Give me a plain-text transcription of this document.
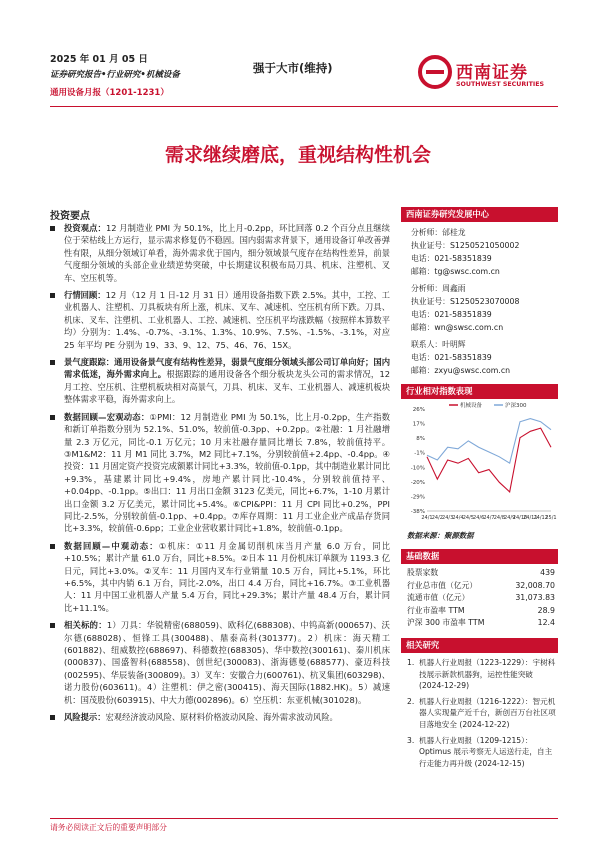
2025 年 01 月 05 日
证券研究报告•行业研究•机械设备
通用设备月报（1201-1231）
强于大市(维持)	西南证券
SOUTHWEST SECURITIES
需求继续磨底，重视结构性机会
投资要点
投资观点：12 月制造业 PMI 为 50.1%，比上月-0.2pp，环比回落 0.2 个百分点且继续位于荣枯线上方运行，显示需求修复仍不稳固。国内弱需求背景下，通用设备订单改善弹性有限，从细分领域订单看，海外需求优于国内，细分领域景气度存在结构性差异，前景气度细分领域的头部企业业绩逆势突破，中长期建议积极布局刀具、机床、注塑机、叉车、空压机等。
行情回顾：12 月（12 月 1 日-12 月 31 日）通用设备指数下跌 2.5%。其中，工控、工业机器人、注塑机、刀具板块有所上涨，机床、叉车、减速机、空压机有所下跌。刀具、机床、叉车、注塑机、工业机器人、工控、减速机、空压机平均涨跌幅（按照样本算数平均）分别为：1.4%、-0.7%、-3.1%、1.3%、10.9%、7.5%、-1.5%、-3.1%，对应 25 年平均 PE 分别为 19、33、9、12、75、46、76、15X。
景气度跟踪：通用设备景气度有结构性差异，弱景气度细分领域头部公司订单向好；国内需求低迷，海外需求向上。根据跟踪的通用设备各个细分板块龙头公司的需求情况，12 月工控、空压机、注塑机板块相对高景气，刀具、机床、叉车、工业机器人、减速机板块整体需求平稳，海外需求向上。
数据回顾—宏观动态：①PMI：12 月制造业 PMI 为 50.1%，比上月-0.2pp，生产指数和新订单指数分别为 52.1%、51.0%，较前值-0.3pp、+0.2pp。②社融：1 月社融增量 2.3 万亿元，同比-0.1 万亿元；10 月末社融存量同比增长 7.8%，较前值持平。③M1&M2：11 月 M1 同比 3.7%，M2 同比+7.1%，分别较前值+2.4pp、-0.4pp。④投资：11 月固定资产投资完成额累计同比+3.3%，较前值-0.1pp，其中制造业累计同比+9.3%，基建累计同比+9.4%，房地产累计同比-10.4%，分别较前值持平、+0.04pp、-0.1pp。⑤出口：11 月出口金额 3123 亿美元，同比+6.7%，1-10 月累计出口金额 3.2 万亿美元，累计同比+5.4%。⑥CPI&PPI：11 月 CPI 同比+0.2%，PPI 同比-2.5%，分别较前值-0.1pp、+0.4pp。⑦库存周期：11 月工业企业产成品存货同比+3.3%，较前值-0.6pp；工业企业营收累计同比+1.8%，较前值-0.1pp。
数据回顾—中观动态：①机床：①11 月金属切削机床当月产量 6.0 万台，同比+10.5%；累计产量 61.0 万台，同比+8.5%。②日本 11 月份机床订单额为 1193.3 亿日元，同比+3.0%。②叉车：11 月国内叉车行业销量 10.5 万台，同比+5.1%，环比+6.5%，其中内销 6.1 万台，同比-2.0%，出口 4.4 万台，同比+16.7%。③工业机器人：11 月中国工业机器人产量 5.4 万台，同比+29.3%；累计产量 48.4 万台，累计同比+11.1%。
相关标的：1）刀具：华锐精密(688059)、欧科亿(688308)、中钨高新(000657)、沃尔德(688028)、恒锋工具(300488)、鼎泰高科(301377)。2）机床：海天精工(601882)、纽威数控(688697)、科德数控(688305)、华中数控(300161)、秦川机床(000837)、国盛智科(688558)、创世纪(300083)、浙海德曼(688577)、豪迈科技(002595)、华辰装备(300809)。3）叉车：安徽合力(600761)、杭叉集团(603298)、诺力股份(603611)。4）注塑机：伊之密(300415)、海天国际(1882.HK)。5）减速机：国茂股份(603915)、中大力德(002896)。6）空压机：东亚机械(301028)。
风险提示：宏观经济波动风险、原材料价格波动风险、海外需求波动风险。
西南证券研究发展中心
分析师：邰桂龙
执业证号：S1250521050002
电话：021-58351839
邮箱：tg@swsc.com.cn
分析师：周鑫雨
执业证号：S1250523070008
电话：021-58351839
邮箱：wn@swsc.com.cn
联系人：叶明辉
电话：021-58351839
邮箱：zxyu@swsc.com.cn
行业相对指数表现
26%
17%
8%
-1%
-10%
-20%
-29%
-38%
24/1 24/2 24/3 24/4 24/5 24/6 24/7 24/8 24/9
24/10
24/11
24/12
25/1
机械设备	沪深300
数据来源：聚源数据
基础数据
股票家数	439
行业总市值（亿元）	32,008.70
流通市值（亿元）	31,073.83
行业市盈率 TTM	28.9
沪深 300 市盈率 TTM	12.4
相关研究
1. 机器人行业周报（1223-1229）：宇树科技展示新款机器狗，运控性能突破 (2024-12-29)
2. 机器人行业周报（1216-1222）：智元机器人实现量产近千台，新创百万台社区项目落地安全 (2024-12-22)
3. 机器人行业周报（1209-1215）：Optimus 展示考察无人运送行走，自主行走能力再升级 (2024-12-15)
请务必阅读正文后的重要声明部分
